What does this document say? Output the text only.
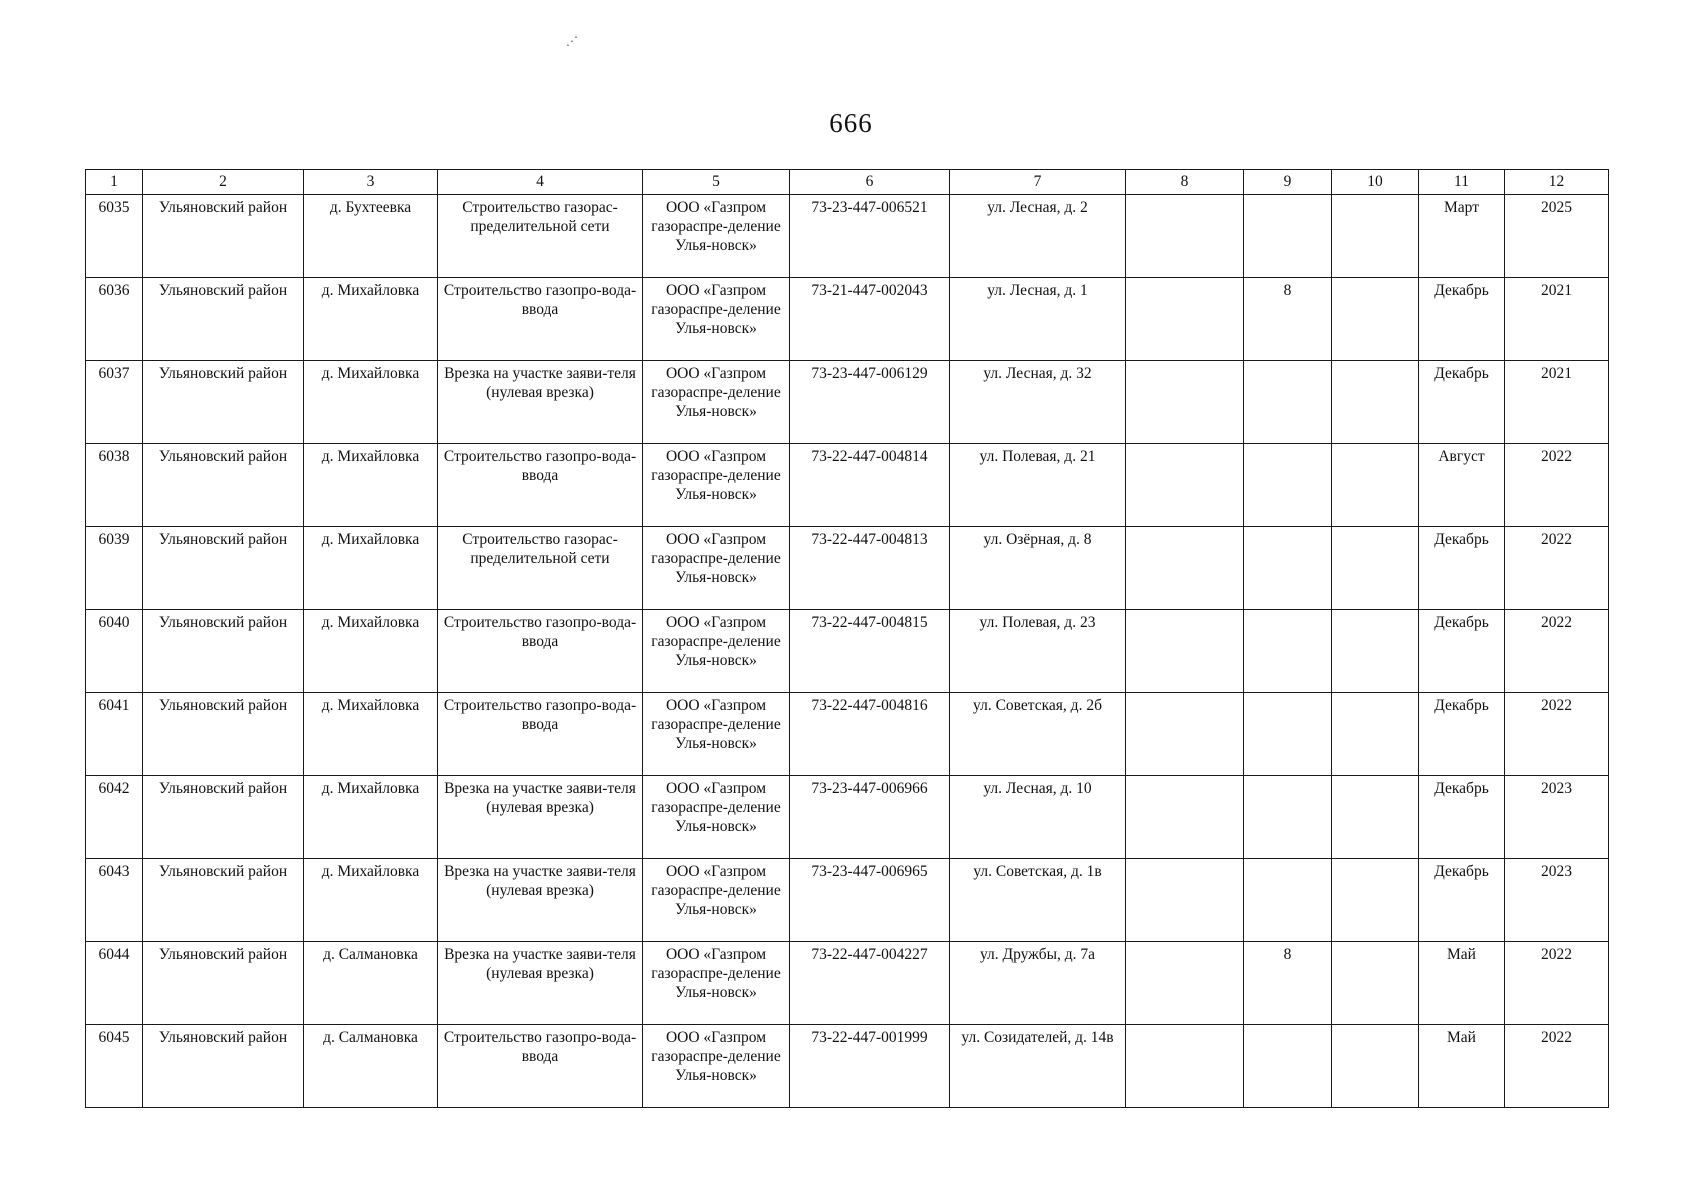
⋰
666
1	2	3	4	5	6	7	8	9	10	11	12
6035	Ульяновский район	д. Бухтеевка	Строительство газорас-пределительной сети	ООО «Газпром газораспре-деление Улья-новск»	73-23-447-006521	ул. Лесная, д. 2				Март	2025
6036	Ульяновский район	д. Михайловка	Строительство газопро-вода-ввода	ООО «Газпром газораспре-деление Улья-новск»	73-21-447-002043	ул. Лесная, д. 1		8		Декабрь	2021
6037	Ульяновский район	д. Михайловка	Врезка на участке заяви-теля (нулевая врезка)	ООО «Газпром газораспре-деление Улья-новск»	73-23-447-006129	ул. Лесная, д. 32				Декабрь	2021
6038	Ульяновский район	д. Михайловка	Строительство газопро-вода-ввода	ООО «Газпром газораспре-деление Улья-новск»	73-22-447-004814	ул. Полевая, д. 21				Август	2022
6039	Ульяновский район	д. Михайловка	Строительство газорас-пределительной сети	ООО «Газпром газораспре-деление Улья-новск»	73-22-447-004813	ул. Озёрная, д. 8				Декабрь	2022
6040	Ульяновский район	д. Михайловка	Строительство газопро-вода-ввода	ООО «Газпром газораспре-деление Улья-новск»	73-22-447-004815	ул. Полевая, д. 23				Декабрь	2022
6041	Ульяновский район	д. Михайловка	Строительство газопро-вода-ввода	ООО «Газпром газораспре-деление Улья-новск»	73-22-447-004816	ул. Советская, д. 2б				Декабрь	2022
6042	Ульяновский район	д. Михайловка	Врезка на участке заяви-теля (нулевая врезка)	ООО «Газпром газораспре-деление Улья-новск»	73-23-447-006966	ул. Лесная, д. 10				Декабрь	2023
6043	Ульяновский район	д. Михайловка	Врезка на участке заяви-теля (нулевая врезка)	ООО «Газпром газораспре-деление Улья-новск»	73-23-447-006965	ул. Советская, д. 1в				Декабрь	2023
6044	Ульяновский район	д. Салмановка	Врезка на участке заяви-теля (нулевая врезка)	ООО «Газпром газораспре-деление Улья-новск»	73-22-447-004227	ул. Дружбы, д. 7а		8		Май	2022
6045	Ульяновский район	д. Салмановка	Строительство газопро-вода-ввода	ООО «Газпром газораспре-деление Улья-новск»	73-22-447-001999	ул. Созидателей, д. 14в				Май	2022
